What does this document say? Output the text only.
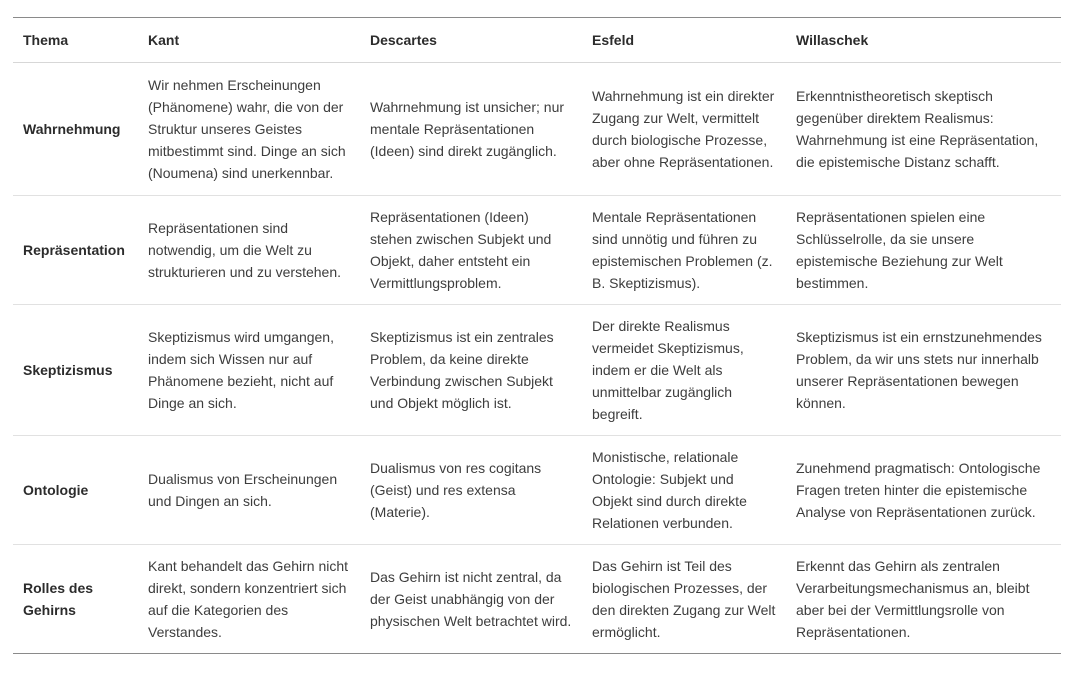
Thema	Kant	Descartes	Esfeld	Willaschek
Wahrnehmung	Wir nehmen Erscheinungen (Phänomene) wahr, die von der Struktur unseres Geistes mitbestimmt sind. Dinge an sich (Noumena) sind unerkennbar.	Wahrnehmung ist unsicher; nur mentale Repräsentationen (Ideen) sind direkt zugänglich.	Wahrnehmung ist ein direkter Zugang zur Welt, vermittelt durch biologische Prozesse, aber ohne Repräsentationen.	Erkenntnistheoretisch skeptisch gegenüber direktem Realismus: Wahrnehmung ist eine Repräsentation, die epistemische Distanz schafft.
Repräsentation	Repräsentationen sind notwendig, um die Welt zu strukturieren und zu verstehen.	Repräsentationen (Ideen) stehen zwischen Subjekt und Objekt, daher entsteht ein Vermittlungsproblem.	Mentale Repräsentationen sind unnötig und führen zu epistemischen Problemen (z. B. Skeptizismus).	Repräsentationen spielen eine Schlüsselrolle, da sie unsere epistemische Beziehung zur Welt bestimmen.
Skeptizismus	Skeptizismus wird umgangen, indem sich Wissen nur auf Phänomene bezieht, nicht auf Dinge an sich.	Skeptizismus ist ein zentrales Problem, da keine direkte Verbindung zwischen Subjekt und Objekt möglich ist.	Der direkte Realismus vermeidet Skeptizismus, indem er die Welt als unmittelbar zugänglich begreift.	Skeptizismus ist ein ernstzunehmendes Problem, da wir uns stets nur innerhalb unserer Repräsentationen bewegen können.
Ontologie	Dualismus von Erscheinungen und Dingen an sich.	Dualismus von res cogitans (Geist) und res extensa (Materie).	Monistische, relationale Ontologie: Subjekt und Objekt sind durch direkte Relationen verbunden.	Zunehmend pragmatisch: Ontologische Fragen treten hinter die epistemische Analyse von Repräsentationen zurück.
Rolles des Gehirns	Kant behandelt das Gehirn nicht direkt, sondern konzentriert sich auf die Kategorien des Verstandes.	Das Gehirn ist nicht zentral, da der Geist unabhängig von der physischen Welt betrachtet wird.	Das Gehirn ist Teil des biologischen Prozesses, der den direkten Zugang zur Welt ermöglicht.	Erkennt das Gehirn als zentralen Verarbeitungsmechanismus an, bleibt aber bei der Vermittlungsrolle von Repräsentationen.
